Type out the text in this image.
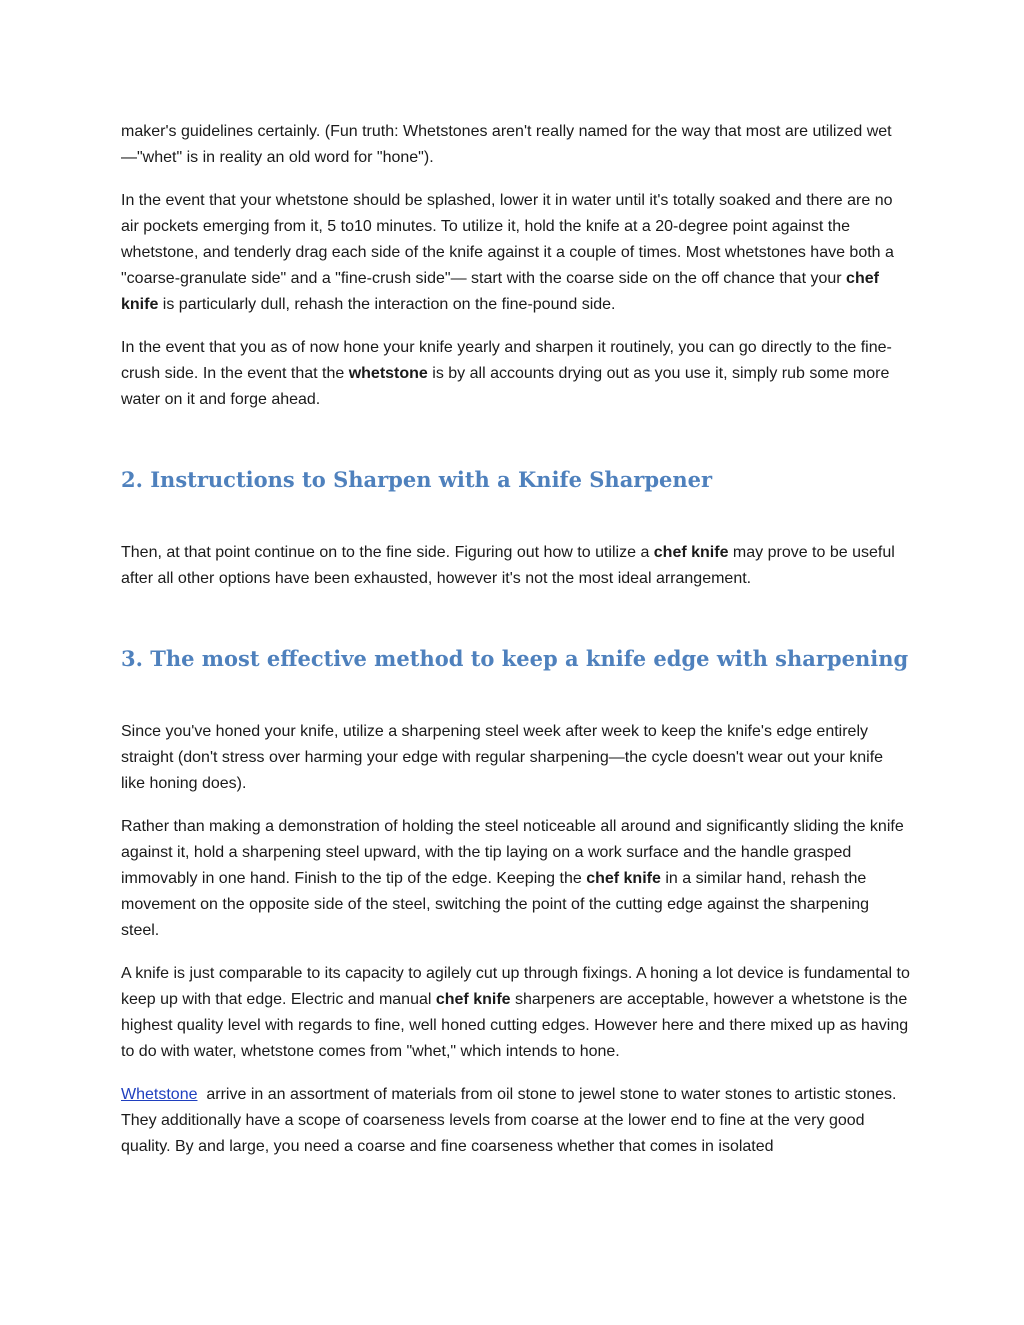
maker's guidelines certainly. (Fun truth: Whetstones aren't really named for the way that most are utilized wet—"whet" is in reality an old word for "hone").

In the event that your whetstone should be splashed, lower it in water until it's totally soaked and there are no air pockets emerging from it, 5 to10 minutes. To utilize it, hold the knife at a 20-degree point against the whetstone, and tenderly drag each side of the knife against it a couple of times. Most whetstones have both a "coarse-granulate side" and a "fine-crush side"— start with the coarse side on the off chance that your chef knife is particularly dull, rehash the interaction on the fine-pound side.

In the event that you as of now hone your knife yearly and sharpen it routinely, you can go directly to the fine-crush side. In the event that the whetstone is by all accounts drying out as you use it, simply rub some more water on it and forge ahead.

2. Instructions to Sharpen with a Knife Sharpener

Then, at that point continue on to the fine side. Figuring out how to utilize a chef knife may prove to be useful after all other options have been exhausted, however it's not the most ideal arrangement.

3. The most effective method to keep a knife edge with sharpening

Since you've honed your knife, utilize a sharpening steel week after week to keep the knife's edge entirely straight (don't stress over harming your edge with regular sharpening—the cycle doesn't wear out your knife like honing does).

Rather than making a demonstration of holding the steel noticeable all around and significantly sliding the knife against it, hold a sharpening steel upward, with the tip laying on a work surface and the handle grasped immovably in one hand. Finish to the tip of the edge. Keeping the chef knife in a similar hand, rehash the movement on the opposite side of the steel, switching the point of the cutting edge against the sharpening steel.

A knife is just comparable to its capacity to agilely cut up through fixings. A honing a lot device is fundamental to keep up with that edge. Electric and manual chef knife sharpeners are acceptable, however a whetstone is the highest quality level with regards to fine, well honed cutting edges. However here and there mixed up as having to do with water, whetstone comes from "whet," which intends to hone.

Whetstone  arrive in an assortment of materials from oil stone to jewel stone to water stones to artistic stones. They additionally have a scope of coarseness levels from coarse at the lower end to fine at the very good quality. By and large, you need a coarse and fine coarseness whether that comes in isolated
